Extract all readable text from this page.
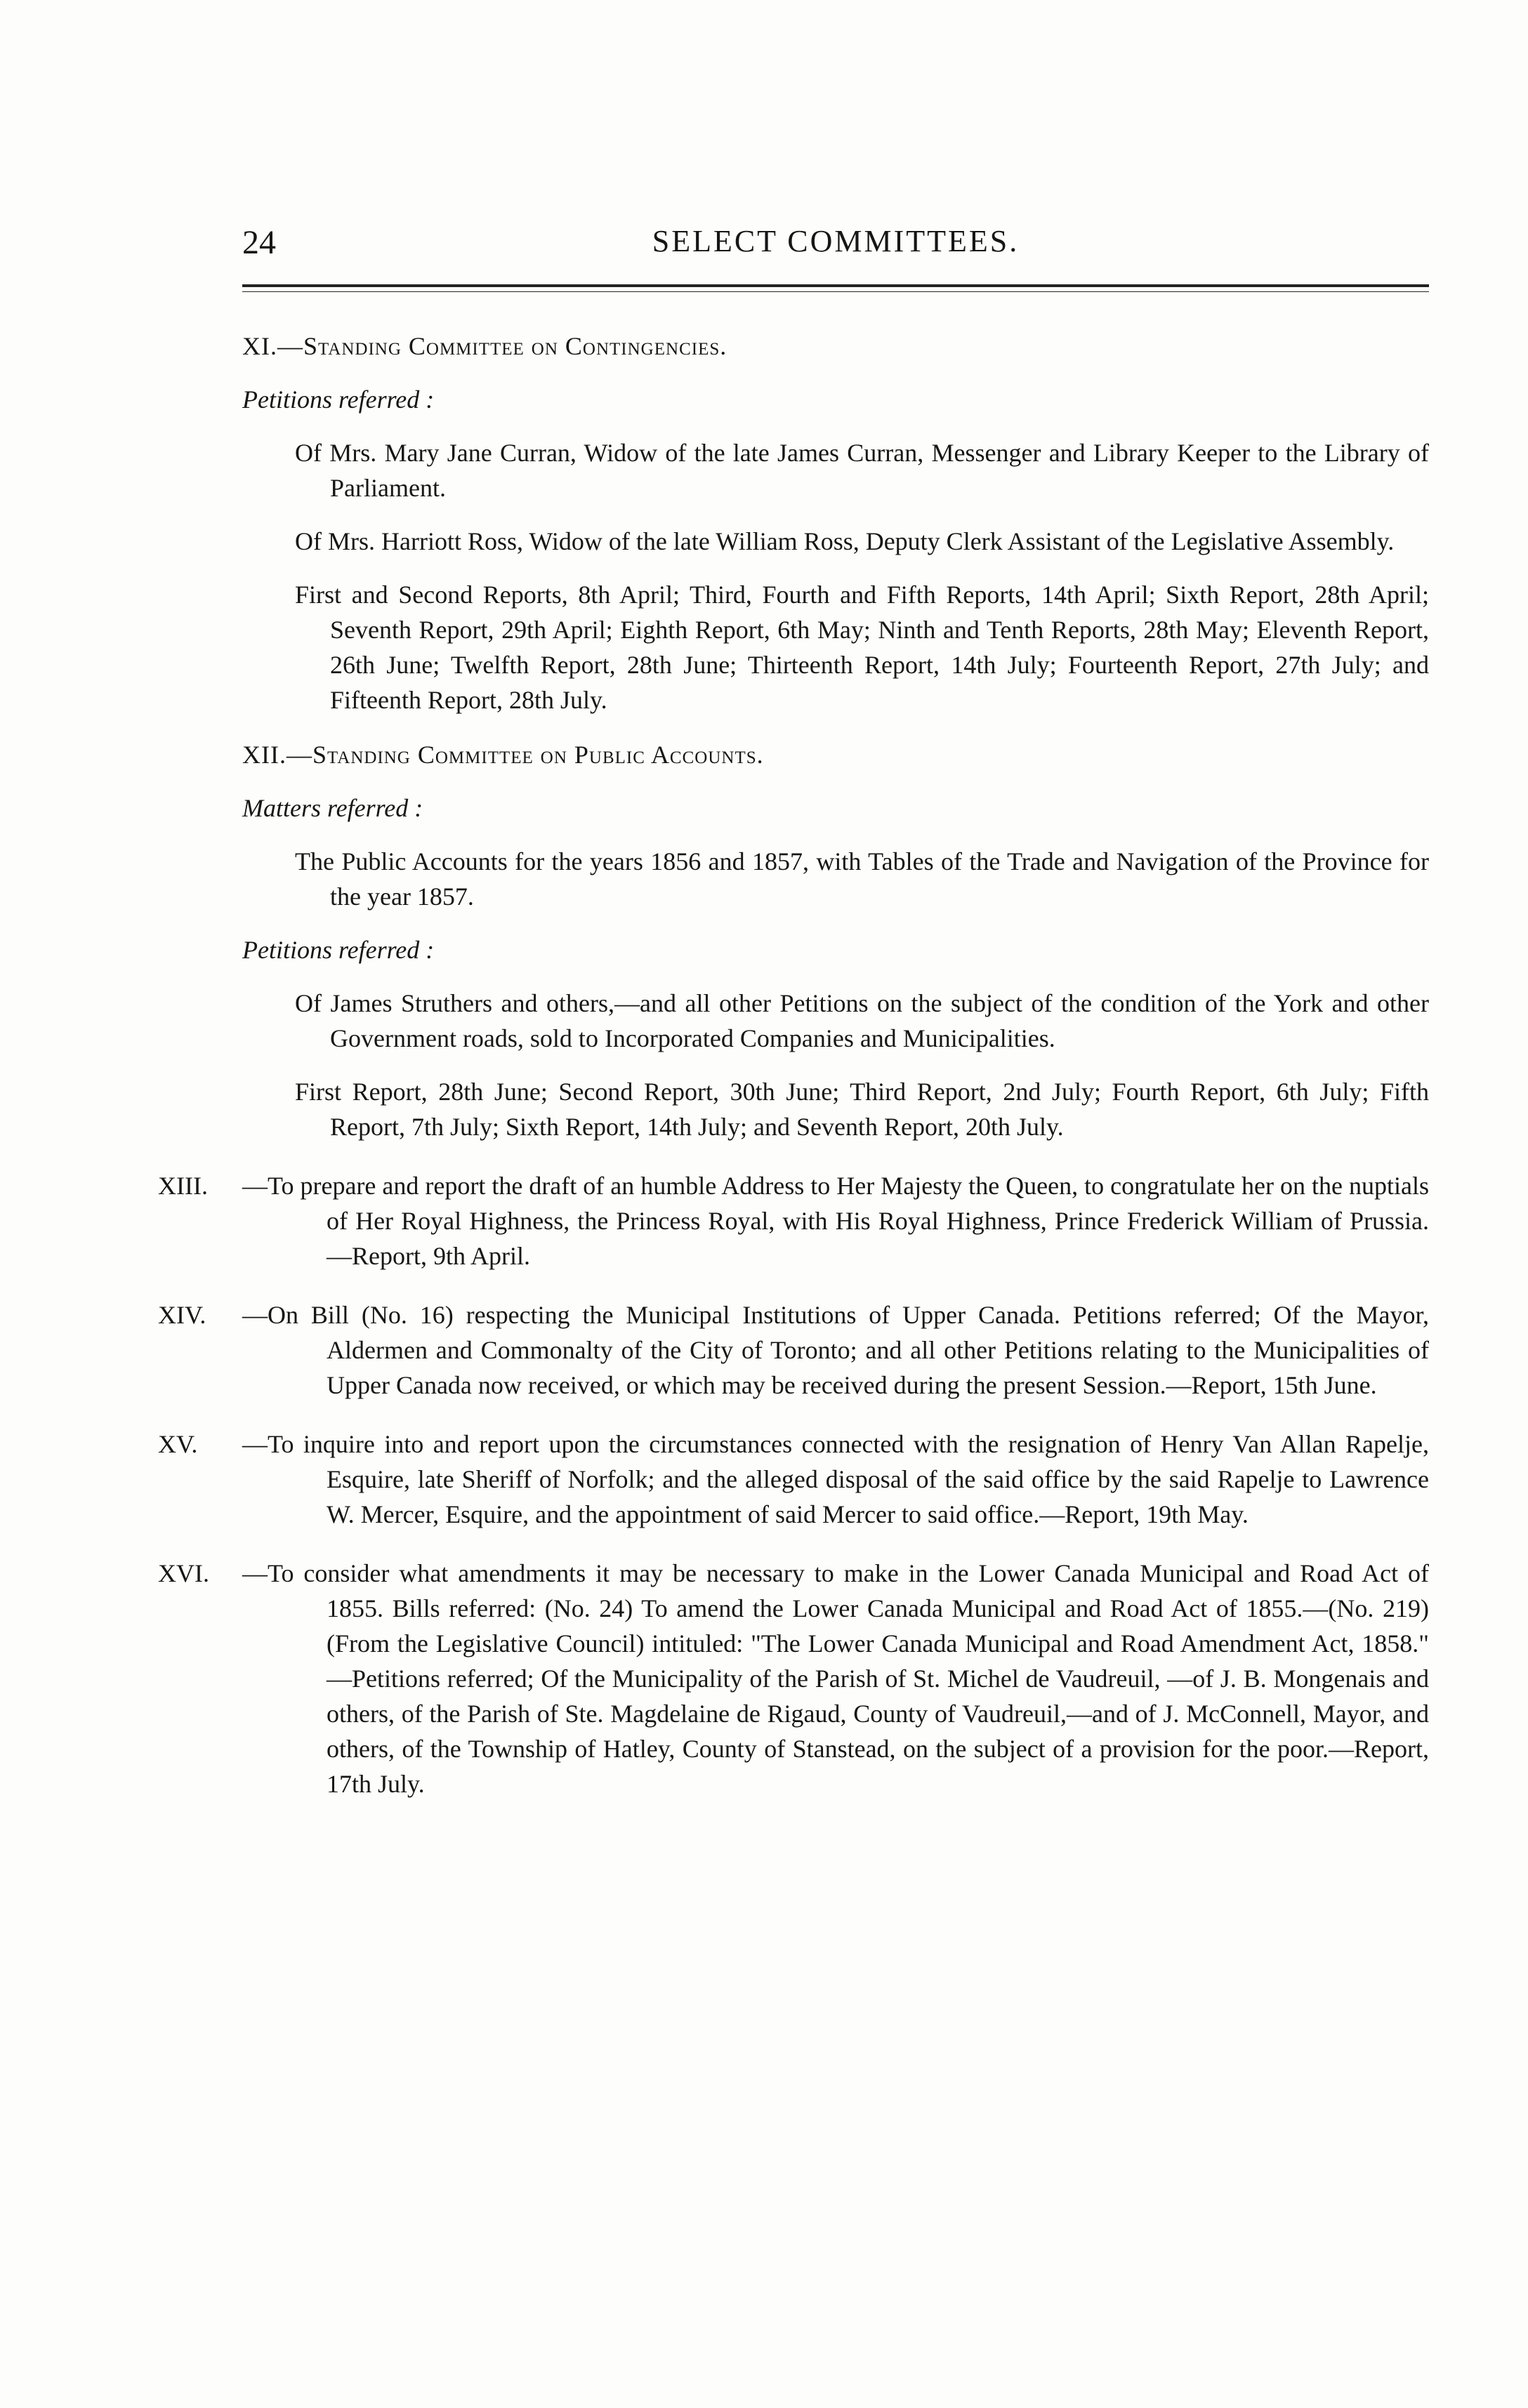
24	SELECT COMMITTEES.
XI.—Standing Committee on Contingencies.
Petitions referred :

Of Mrs. Mary Jane Curran, Widow of the late James Curran, Messenger and Library Keeper to the Library of Parliament.

Of Mrs. Harriott Ross, Widow of the late William Ross, Deputy Clerk Assistant of the Legislative Assembly.

First and Second Reports, 8th April; Third, Fourth and Fifth Reports, 14th April; Sixth Report, 28th April; Seventh Report, 29th April; Eighth Report, 6th May; Ninth and Tenth Reports, 28th May; Eleventh Report, 26th June; Twelfth Report, 28th June; Thirteenth Report, 14th July; Fourteenth Report, 27th July; and Fifteenth Report, 28th July.

XII.—Standing Committee on Public Accounts.
Matters referred :

The Public Accounts for the years 1856 and 1857, with Tables of the Trade and Navigation of the Province for the year 1857.

Petitions referred :

Of James Struthers and others,—and all other Petitions on the subject of the condition of the York and other Government roads, sold to Incorporated Companies and Municipalities.

First Report, 28th June; Second Report, 30th June; Third Report, 2nd July; Fourth Report, 6th July; Fifth Report, 7th July; Sixth Report, 14th July; and Seventh Report, 20th July.

XIII. —To prepare and report the draft of an humble Address to Her Majesty the Queen, to congratulate her on the nuptials of Her Royal Highness, the Princess Royal, with His Royal Highness, Prince Frederick William of Prussia. —Report, 9th April.

XIV. —On Bill (No. 16) respecting the Municipal Institutions of Upper Canada. Petitions referred; Of the Mayor, Aldermen and Commonalty of the City of Toronto; and all other Petitions relating to the Municipalities of Upper Canada now received, or which may be received during the present Session.—Report, 15th June.

XV. —To inquire into and report upon the circumstances connected with the resignation of Henry Van Allan Rapelje, Esquire, late Sheriff of Norfolk; and the alleged disposal of the said office by the said Rapelje to Lawrence W. Mercer, Esquire, and the appointment of said Mercer to said office.—Report, 19th May.

XVI. —To consider what amendments it may be necessary to make in the Lower Canada Municipal and Road Act of 1855. Bills referred: (No. 24) To amend the Lower Canada Municipal and Road Act of 1855.—(No. 219) (From the Legislative Council) intituled: "The Lower Canada Municipal and Road Amendment Act, 1858." —Petitions referred; Of the Municipality of the Parish of St. Michel de Vaudreuil, —of J. B. Mongenais and others, of the Parish of Ste. Magdelaine de Rigaud, County of Vaudreuil,—and of J. McConnell, Mayor, and others, of the Township of Hatley, County of Stanstead, on the subject of a provision for the poor.—Report, 17th July.
